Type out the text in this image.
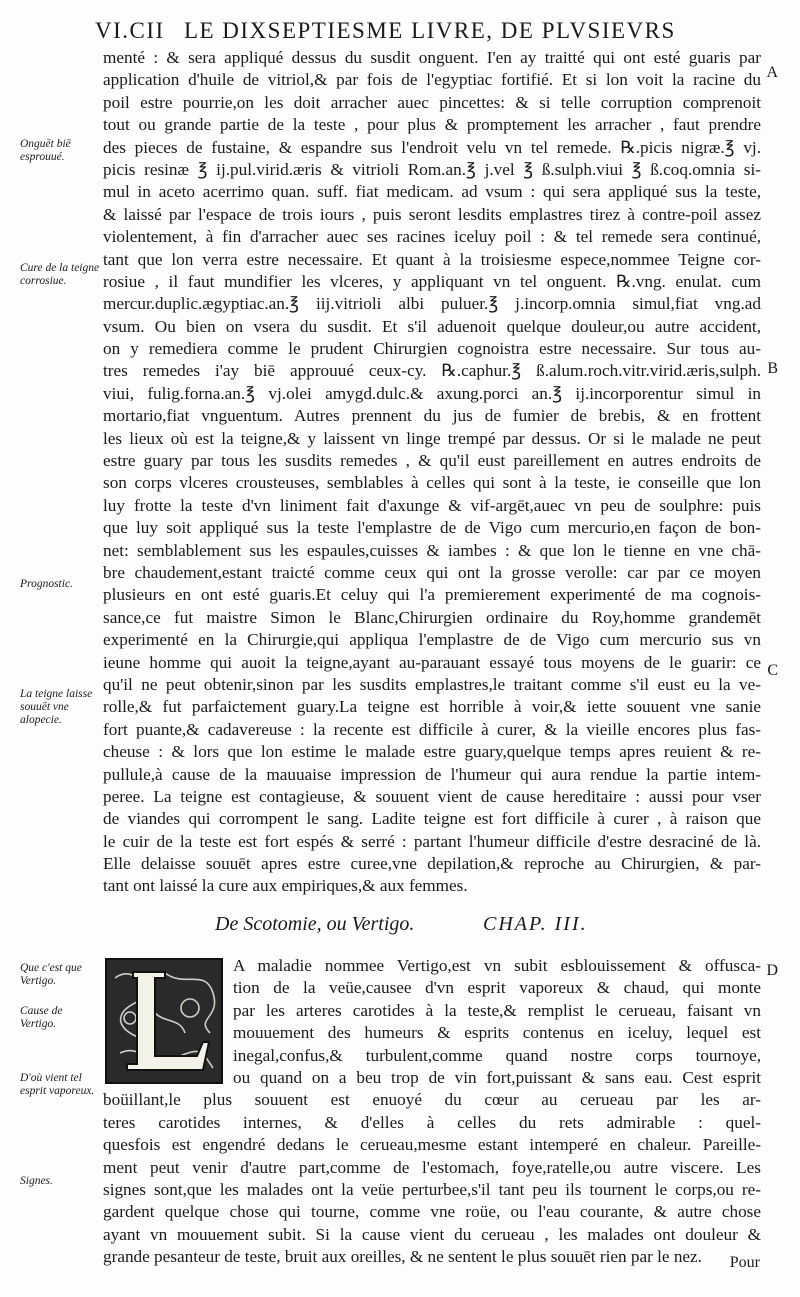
VI.CII LE DIXSEPTIESME LIVRE, DE PLVSIEVRS
menté : & sera appliqué dessus du susdit onguent. I'en ay traitté qui ont esté guaris par
application d'huile de vitriol,& par fois de l'egyptiac fortifié. Et si lon voit la racine du
poil estre pourrie,on les doit arracher auec pincettes: & si telle corruption comprenoit
tout ou grande partie de la teste , pour plus & promptement les arracher , faut prendre
des pieces de fustaine, & espandre sus l'endroit velu vn tel remede. ℞.picis nigræ.℥ vj.
picis resinæ ℥ ij.pul.virid.æris & vitrioli Rom.an.℥ j.vel ℥ ß.sulph.viui ℥ ß.coq.omnia si-
mul in aceto acerrimo quan. suff. fiat medicam. ad vsum : qui sera appliqué sus la teste,
& laissé par l'espace de trois iours , puis seront lesdits emplastres tirez à contre-poil assez
violentement, à fin d'arracher auec ses racines iceluy poil : & tel remede sera continué,
tant que lon verra estre necessaire. Et quant à la troisiesme espece,nommee Teigne cor-
rosiue , il faut mundifier les vlceres, y appliquant vn tel onguent. ℞.vng. enulat. cum
mercur.duplic.ægyptiac.an.℥ iij.vitrioli albi puluer.℥ j.incorp.omnia simul,fiat vng.ad
vsum. Ou bien on vsera du susdit. Et s'il aduenoit quelque douleur,ou autre accident,
on y remediera comme le prudent Chirurgien cognoistra estre necessaire. Sur tous au-
tres remedes i'ay biē approuué ceux-cy. ℞.caphur.℥ ß.alum.roch.vitr.virid.æris,sulph.
viui, fulig.forna.an.℥ vj.olei amygd.dulc.& axung.porci an.℥ ij.incorporentur simul in
mortario,fiat vnguentum. Autres prennent du jus de fumier de brebis, & en frottent
les lieux où est la teigne,& y laissent vn linge trempé par dessus. Or si le malade ne peut
estre guary par tous les susdits remedes , & qu'il eust pareillement en autres endroits de
son corps vlceres crousteuses, semblables à celles qui sont à la teste, ie conseille que lon
luy frotte la teste d'vn liniment fait d'axunge & vif-argēt,auec vn peu de soulphre: puis
que luy soit appliqué sus la teste l'emplastre de de Vigo cum mercurio,en façon de bon-
net: semblablement sus les espaules,cuisses & iambes : & que lon le tienne en vne chā-
bre chaudement,estant traicté comme ceux qui ont la grosse verolle: car par ce moyen
plusieurs en ont esté guaris.Et celuy qui l'a premierement experimenté de ma cognois-
sance,ce fut maistre Simon le Blanc,Chirurgien ordinaire du Roy,homme grandemēt
experimenté en la Chirurgie,qui appliqua l'emplastre de de Vigo cum mercurio sus vn
ieune homme qui auoit la teigne,ayant au-parauant essayé tous moyens de le guarir: ce
qu'il ne peut obtenir,sinon par les susdits emplastres,le traitant comme s'il eust eu la ve-
rolle,& fut parfaictement guary.La teigne est horrible à voir,& iette souuent vne sanie
fort puante,& cadavereuse : la recente est difficile à curer, & la vieille encores plus fas-
cheuse : & lors que lon estime le malade estre guary,quelque temps apres reuient & re-
pullule,à cause de la mauuaise impression de l'humeur qui aura rendue la partie intem-
peree. La teigne est contagieuse, & souuent vient de cause hereditaire : aussi pour vser
de viandes qui corrompent le sang. Ladite teigne est fort difficile à curer , à raison que
le cuir de la teste est fort espés & serré : partant l'humeur difficile d'estre desraciné de là.
Elle delaisse souuēt apres estre curee,vne depilation,& reproche au Chirurgien, & par-
tant ont laissé la cure aux empiriques,& aux femmes.
Onguēt biē esprouué.
Cure de la teigne corrosiue.
Prognostic.
La teigne laisse souuēt vne alopecie.
A
B
C
D
De Scotomie, ou Vertigo.	CHAP. III.
A maladie nommee Vertigo,est vn subit esblouissement & offusca-
tion de la veüe,causee d'vn esprit vaporeux & chaud, qui monte
par les arteres carotides à la teste,& remplist le cerueau, faisant vn
mouuement des humeurs & esprits contenus en iceluy, lequel est
inegal,confus,& turbulent,comme quand nostre corps tournoye,
ou quand on a beu trop de vin fort,puissant & sans eau. Cest esprit
boüillant,le plus souuent est enuoyé du cœur au cerueau par les ar-
teres carotides internes, & d'elles à celles du rets admirable : quel-
quesfois est engendré dedans le cerueau,mesme estant intemperé en chaleur. Pareille-
ment peut venir d'autre part,comme de l'estomach, foye,ratelle,ou autre viscere. Les
signes sont,que les malades ont la veüe perturbee,s'il tant peu ils tournent le corps,ou re-
gardent quelque chose qui tourne, comme vne roüe, ou l'eau courante, & autre chose
ayant vn mouuement subit. Si la cause vient du cerueau , les malades ont douleur &
grande pesanteur de teste, bruit aux oreilles, & ne sentent le plus souuēt rien par le nez.
Que c'est que Vertigo.
Cause de Vertigo.
D'où vient tel esprit vaporeux.
Signes.
Pour
